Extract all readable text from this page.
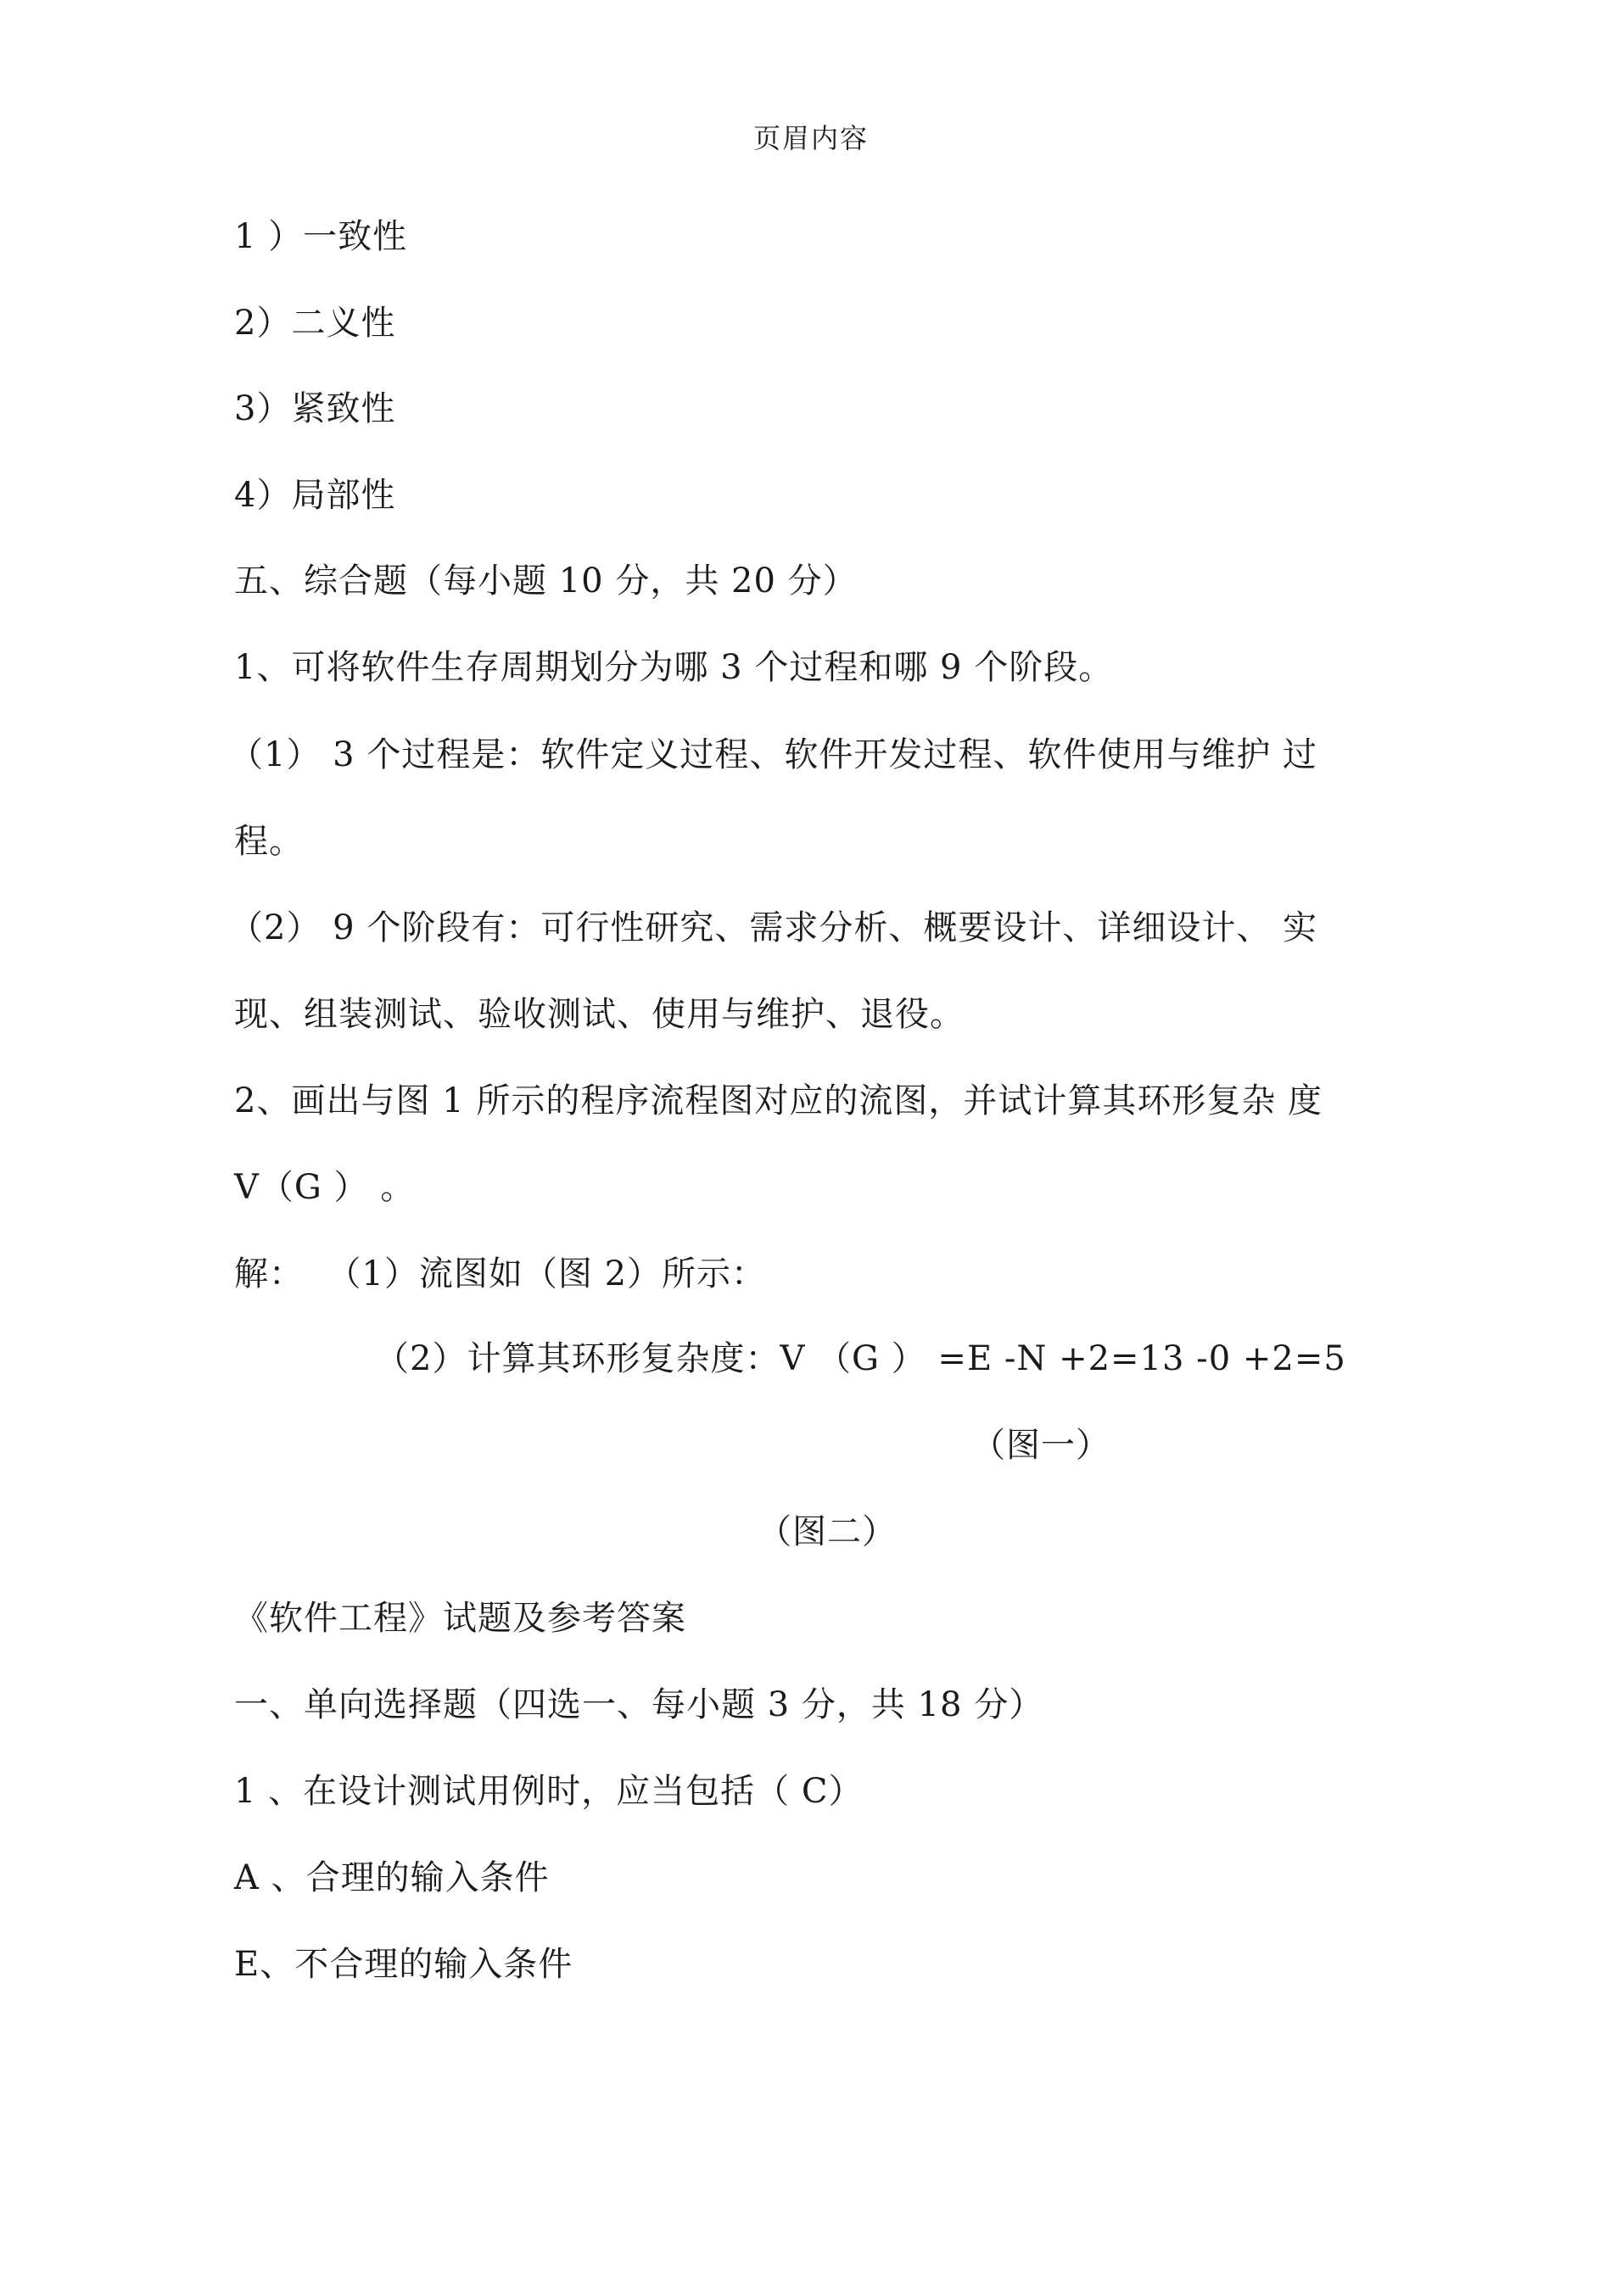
页眉内容
1 ）一致性
2）二义性
3）紧致性
4）局部性
五、综合题（每小题 10 分，共 20 分）
1、可将软件生存周期划分为哪 3 个过程和哪 9 个阶段。
（1） 3 个过程是：软件定义过程、软件开发过程、软件使用与维护 过
程。
（2） 9 个阶段有：可行性研究、需求分析、概要设计、详细设计、 实
现、组装测试、验收测试、使用与维护、退役。
2、画出与图 1 所示的程序流程图对应的流图，并试计算其环形复杂 度
V（G ） 。
解：  （1）流图如（图 2）所示：
（2）计算其环形复杂度：V （G ） =E -N +2=13 -0 +2=5
（图一）
（图二）
《软件工程》试题及参考答案
一、单向选择题（四选一、每小题 3 分，共 18 分）
1 、在设计测试用例时，应当包括（ C）
A 、合理的输入条件
E、不合理的输入条件
